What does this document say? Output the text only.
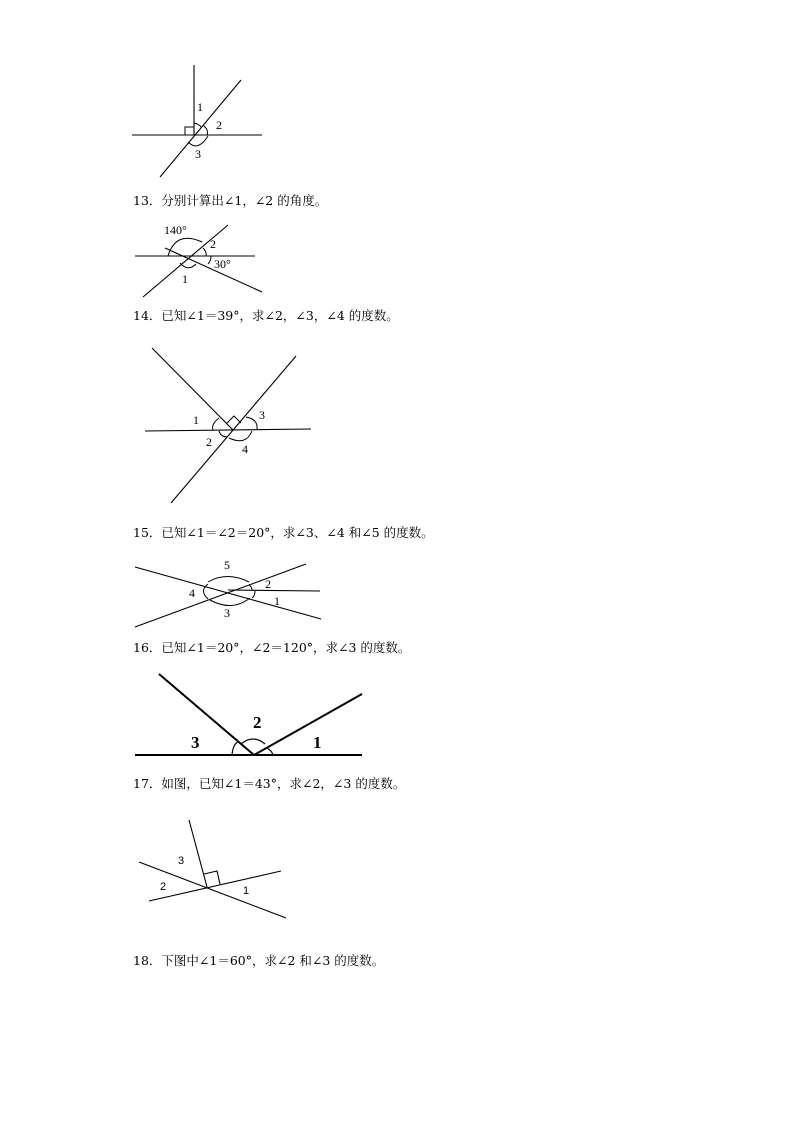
1
2
3
13．分别计算出∠1，∠2 的角度。
140°
2
30°
1
14．已知∠1＝39°，求∠2，∠3，∠4 的度数。
1	3
2	4
15．已知∠1＝∠2＝20°，求∠3、∠4 和∠5 的度数。
5
2
4
1
3
16．已知∠1＝20°，∠2＝120°，求∠3 的度数。
2
3	1
17．如图，已知∠1＝43°，求∠2，∠3 的度数。
3
2	1
18．下图中∠1＝60°，求∠2 和∠3 的度数。
